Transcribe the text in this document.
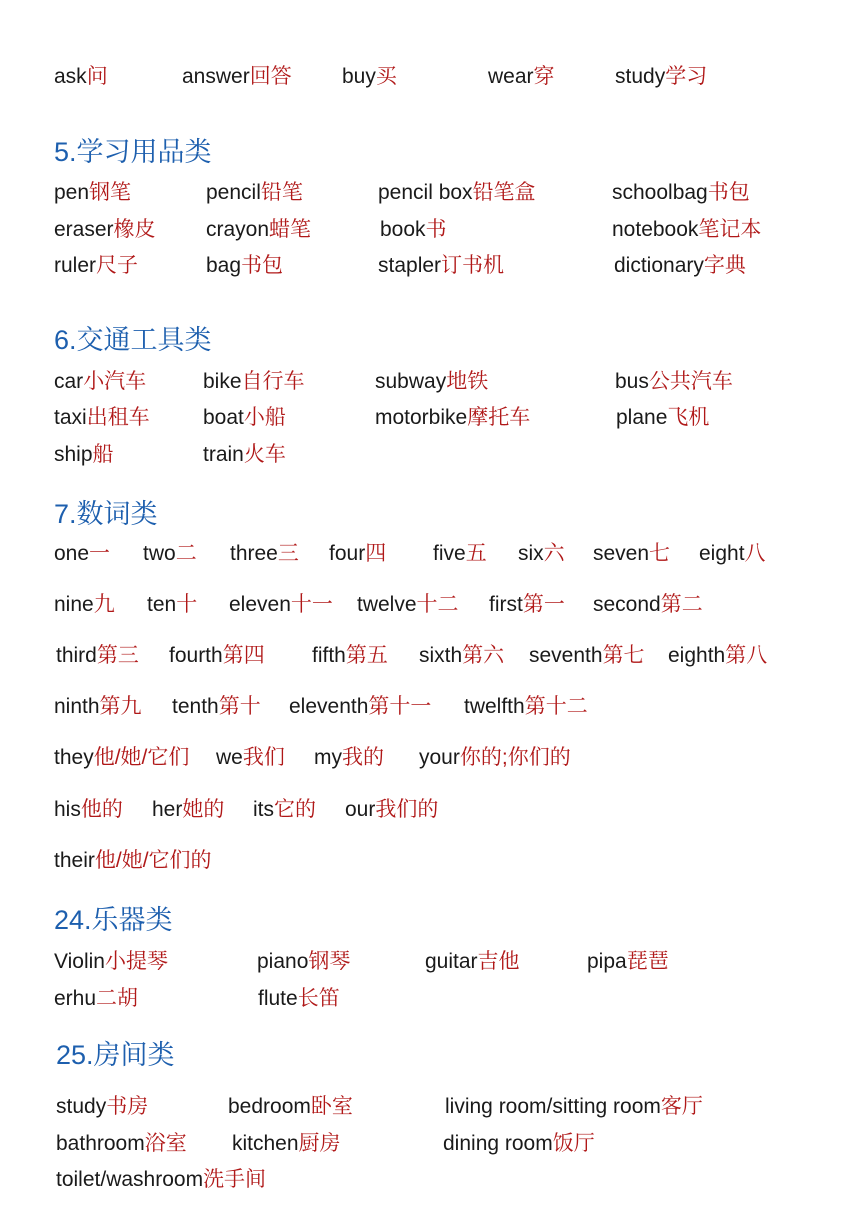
ask问	answer回答 buy买	wear穿	study学习
5.学习用品类
pen钢笔	pencil铅笔	pencil box铅笔盒	schoolbag书包
eraser橡皮 crayon蜡笔	book书	notebook笔记本
ruler尺子	bag书包	stapler订书机	dictionary字典
6.交通工具类
car小汽车	bike自行车	subway地铁	bus公共汽车
taxi出租车	boat小船	motorbike摩托车	plane飞机
ship船	train火车
7.数词类
one一 two二 three三 four四 five五 six六 seven七 eight八
nine九 ten十 eleven十一 twelve十二 first第一 second第二
third第三 fourth第四 fifth第五 sixth第六 seventh第七 eighth第八
ninth第九 tenth第十 eleventh第十一 twelfth第十二
they他/她/它们 we我们 my我的 your你的;你们的
his他的 her她的 its它的 our我们的
their他/她/它们的
24.乐器类
Violin小提琴	piano钢琴	guitar吉他	pipa琵琶
erhu二胡	flute长笛
25.房间类
study书房	bedroom卧室	living room/sitting room客厅
bathroom浴室 kitchen厨房	dining room饭厅
toilet/washroom洗手间
